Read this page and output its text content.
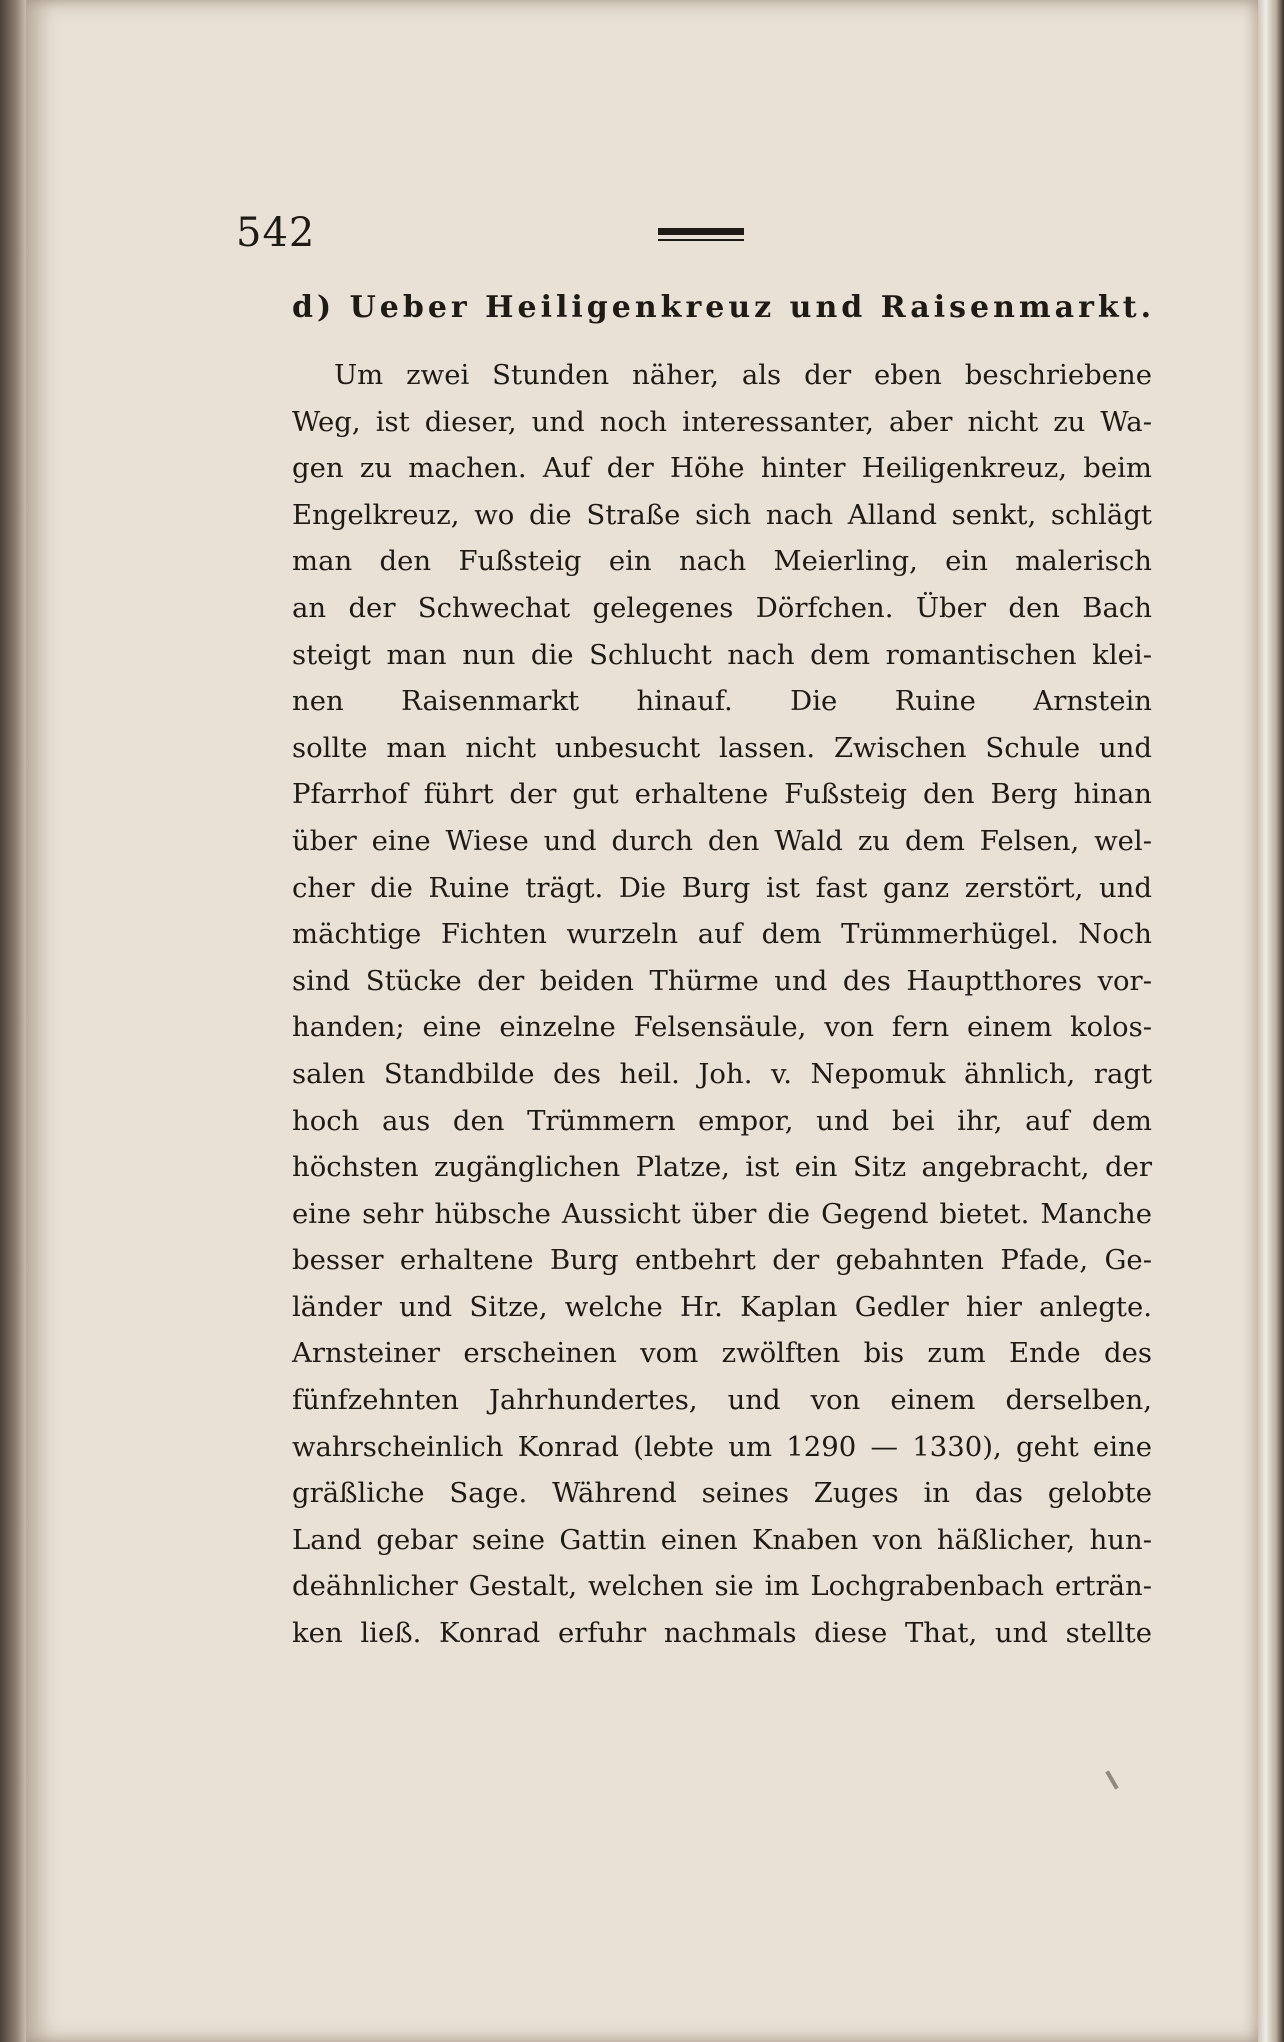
542
d) Ueber Heiligenkreuz und Raisenmarkt.
Um zwei Stunden näher, als der eben beschriebene
Weg, ist dieser, und noch interessanter, aber nicht zu Wa-
gen zu machen. Auf der Höhe hinter Heiligenkreuz, beim
Engelkreuz, wo die Straße sich nach Alland senkt, schlägt
man den Fußsteig ein nach Meierling, ein malerisch
an der Schwechat gelegenes Dörfchen. Über den Bach
steigt man nun die Schlucht nach dem romantischen klei-
nen Raisenmarkt hinauf. Die Ruine Arnstein
sollte man nicht unbesucht lassen. Zwischen Schule und
Pfarrhof führt der gut erhaltene Fußsteig den Berg hinan
über eine Wiese und durch den Wald zu dem Felsen, wel-
cher die Ruine trägt. Die Burg ist fast ganz zerstört, und
mächtige Fichten wurzeln auf dem Trümmerhügel. Noch
sind Stücke der beiden Thürme und des Hauptthores vor-
handen; eine einzelne Felsensäule, von fern einem kolos-
salen Standbilde des heil. Joh. v. Nepomuk ähnlich, ragt
hoch aus den Trümmern empor, und bei ihr, auf dem
höchsten zugänglichen Platze, ist ein Sitz angebracht, der
eine sehr hübsche Aussicht über die Gegend bietet. Manche
besser erhaltene Burg entbehrt der gebahnten Pfade, Ge-
länder und Sitze, welche Hr. Kaplan Gedler hier anlegte.
Arnsteiner erscheinen vom zwölften bis zum Ende des
fünfzehnten Jahrhundertes, und von einem derselben,
wahrscheinlich Konrad (lebte um 1290 — 1330), geht eine
gräßliche Sage. Während seines Zuges in das gelobte
Land gebar seine Gattin einen Knaben von häßlicher, hun-
deähnlicher Gestalt, welchen sie im Lochgrabenbach erträn-
ken ließ. Konrad erfuhr nachmals diese That, und stellte
